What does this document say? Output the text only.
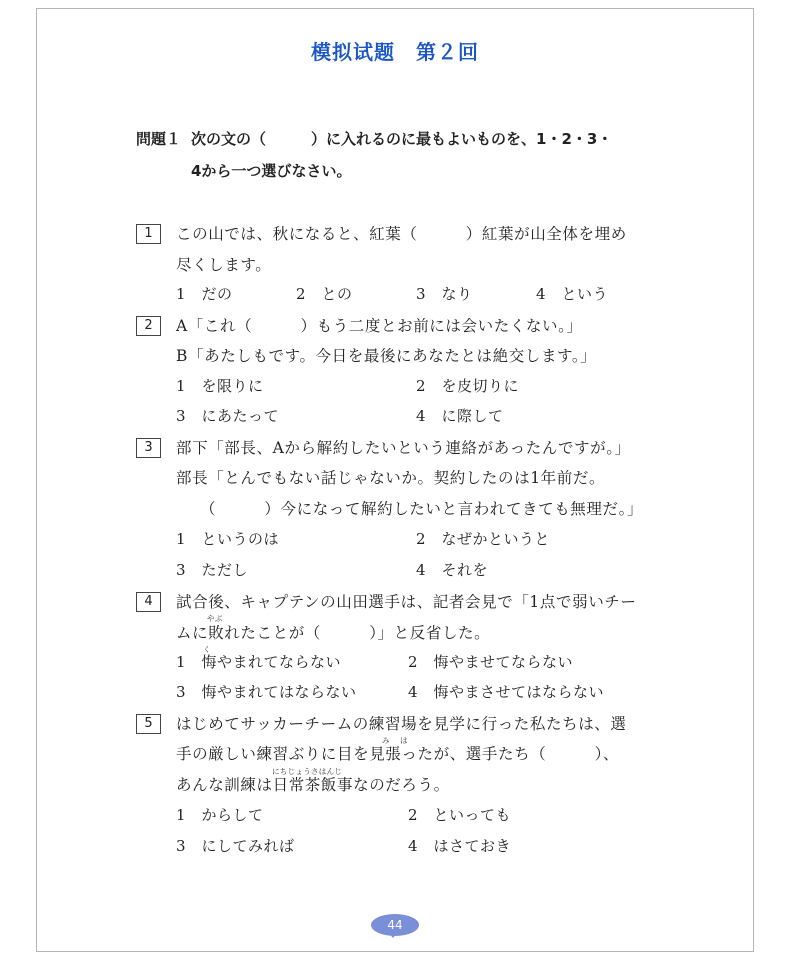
模拟试题　第２回
問題１ 次の文の（　　　）に入れるのに最もよいものを、1・2・3・
4から一つ選びなさい。
1	この山では、秋になると、紅葉（　　　）紅葉が山全体を埋め
尽くします。
1　だの	2　との	3　なり	4　という
2	A「これ（　　　）もう二度とお前には会いたくない。」
B「あたしもです。今日を最後にあなたとは絶交します。」
1　を限りに	2　を皮切りに
3　にあたって	4　に際して
3	部下「部長、Aから解約したいという連絡があったんですが。」
部長「とんでもない話じゃないか。契約したのは1年前だ。
（　　　）今になって解約したいと言われてきても無理だ。」
1　というのは	2　なぜかというと
3　ただし	4　それを
4	試合後、キャプテンの山田選手は、記者会見で「1点で弱いチー
やぶ
ムに敗れたことが（　　　）」と反省した。
く
1　悔やまれてならない	2　悔やませてならない
3　悔やまれてはならない	4　悔やまさせてはならない
5	はじめてサッカーチームの練習場を見学に行った私たちは、選
み は
手の厳しい練習ぶりに目を見張ったが、選手たち（　　　）、
にちじょうさはんじ
あんな訓練は日常茶飯事なのだろう。
1　からして	2　といっても
3　にしてみれば	4　はさておき
44
